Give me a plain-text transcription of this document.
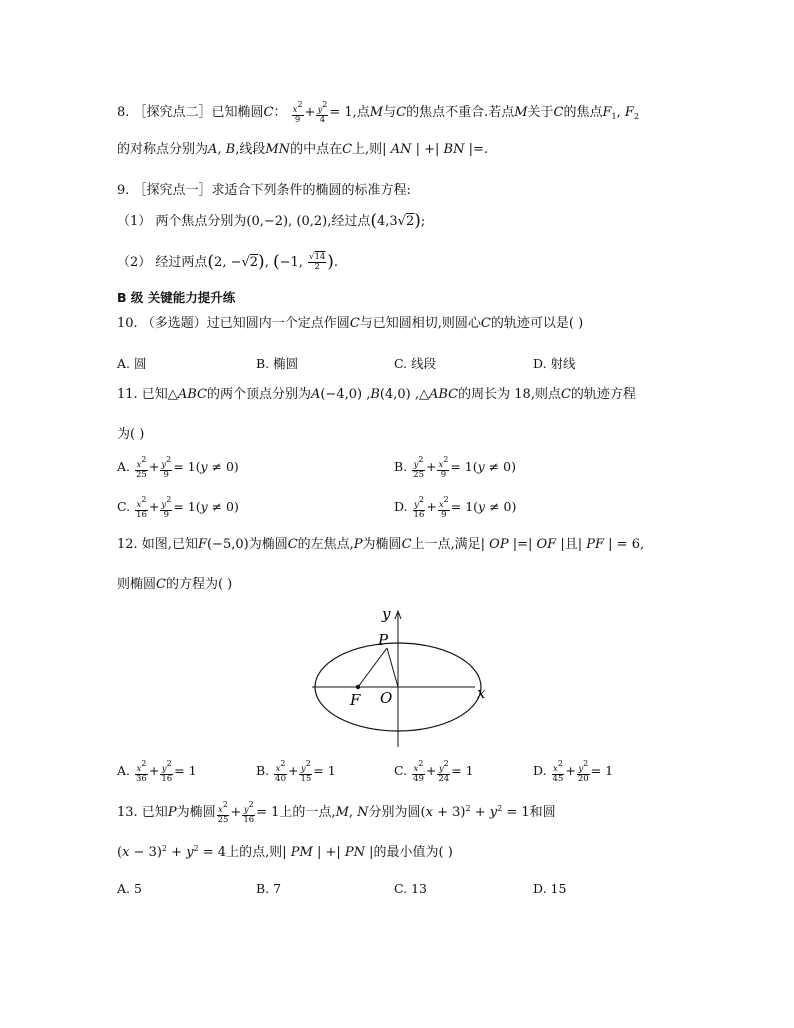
8. ［探究点二］已知椭圆C： $\frac{x2}{9} + \frac{y2}{4} = 1$,点M与C的焦点不重合.若点M关于C的焦点$F_1$, $F_2$
的对称点分别为A, B,线段MN的中点在C上,则| AN | +| BN |=.
9. ［探究点一］求适合下列条件的椭圆的标准方程:
（1） 两个焦点分别为(0,−2), (0,2),经过点(4,3√2);
（2） 经过两点(2, −√2), (−1, $\frac{√14}{2}$ ).
B 级 关键能力提升练
10. （多选题）过已知圆内一个定点作圆C与已知圆相切,则圆心C的轨迹可以是( )
A. 圆	B. 椭圆	C. 线段	D. 射线
11. 已知△ABC的两个顶点分别为A(−4,0) ,B(4,0) ,△ABC的周长为 18,则点C的轨迹方程
为( )
A. $\frac{x2}{25} + \frac{y2}{9} = 1(y \ne 0)$	B. $\frac{y2}{25} + \frac{x2}{9} = 1(y \ne 0)$
C. $\frac{x2}{16} + \frac{y2}{9} = 1(y \ne 0)$	D. $\frac{y2}{16} + \frac{x2}{9} = 1(y \ne 0)$
12. 如图,已知F(−5,0)为椭圆C的左焦点,P为椭圆C上一点,满足| OP |=| OF |且| PF | = 6,
则椭圆C的方程为( )
y
P
F O	x
A. $\frac{x2}{36} + \frac{y2}{16} = 1$	B. $\frac{x2}{40} + \frac{y2}{15} = 1$	C. $\frac{x2}{49} + \frac{y2}{24} = 1$	D. $\frac{x2}{45} + \frac{y2}{20} = 1$
13. 已知P为椭圆 $\frac{x2}{25} + \frac{y2}{16} = 1$上的一点,M, N分别为圆$(x + 3)^2 + y^2 = 1$和圆
$(x - 3)^2 + y^2 = 4$上的点,则| PM | +| PN |的最小值为( )
A. 5	B. 7	C. 13	D. 15
